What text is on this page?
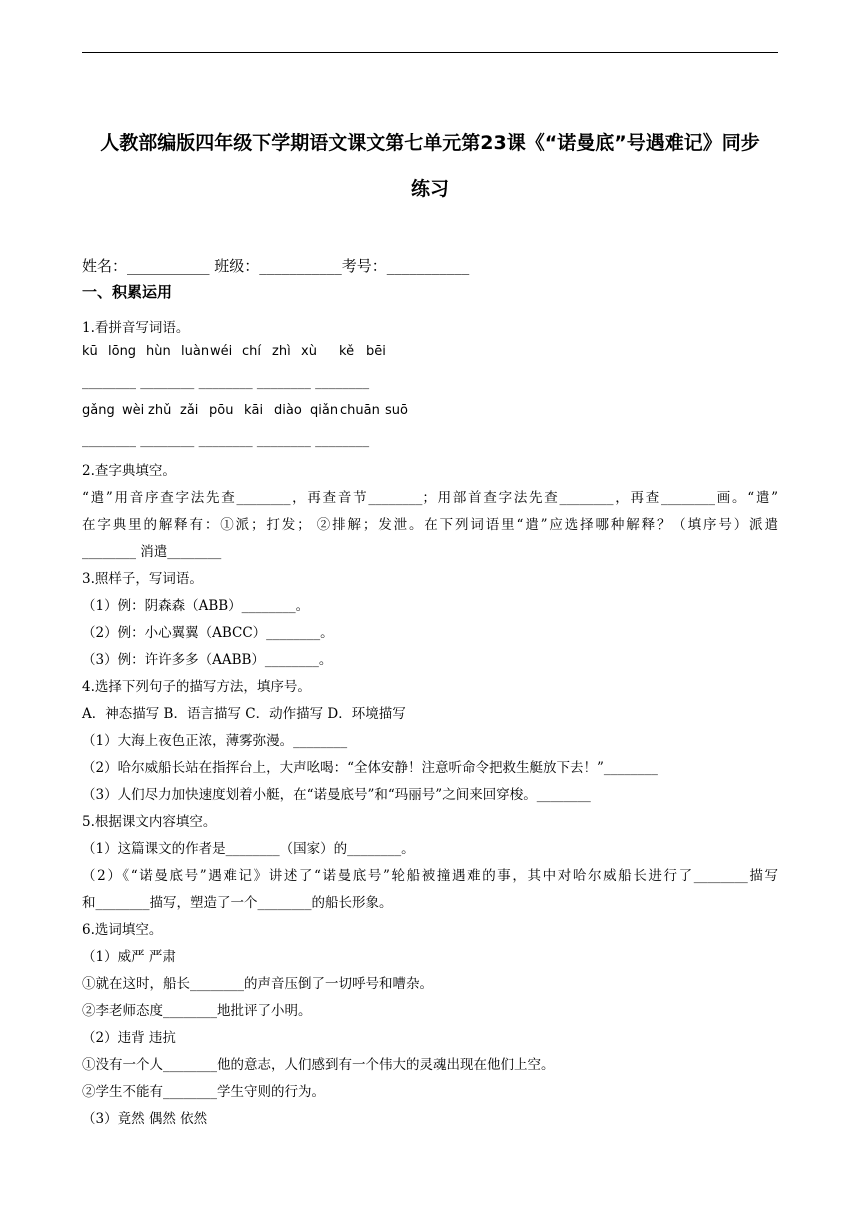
人教部编版四年级下学期语文课文第七单元第23课《“诺曼底”号遇难记》同步
练习
姓名：___________ 班级：___________考号：___________
一、积累运用
1.看拼音写词语。
kū lōng hùn luàn wéi chí zhì xù kě bēi
________ ________ ________ ________ ________
gǎng wèi zhǔ zǎi pōu kāi diào qiǎn chuān suō
________ ________ ________ ________ ________
2.查字典填空。
“遣”用音序查字法先查________，再查音节________；用部首查字法先查________，再查________画。“遣”
在字典里的解释有：①派；打发； ②排解；发泄。在下列词语里“遣”应选择哪种解释？（填序号）派遣
________ 消遣________
3.照样子，写词语。
（1）例：阴森森（ABB）________。
（2）例：小心翼翼（ABCC）________。
（3）例：许许多多（AABB）________。
4.选择下列句子的描写方法，填序号。
A．神态描写 B．语言描写 C．动作描写 D．环境描写
（1）大海上夜色正浓，薄雾弥漫。________
（2）哈尔威船长站在指挥台上，大声吆喝：“全体安静！注意听命令把救生艇放下去！”________
（3）人们尽力加快速度划着小艇，在“诺曼底号”和“玛丽号”之间来回穿梭。________
5.根据课文内容填空。
（1）这篇课文的作者是________（国家）的________。
（2）《“诺曼底号”遇难记》讲述了“诺曼底号”轮船被撞遇难的事，其中对哈尔威船长进行了________描写
和________描写，塑造了一个________的船长形象。
6.选词填空。
（1）威严 严肃
①就在这时，船长________的声音压倒了一切呼号和嘈杂。
②李老师态度________地批评了小明。
（2）违背 违抗
①没有一个人________他的意志，人们感到有一个伟大的灵魂出现在他们上空。
②学生不能有________学生守则的行为。
（3）竟然 偶然 依然
